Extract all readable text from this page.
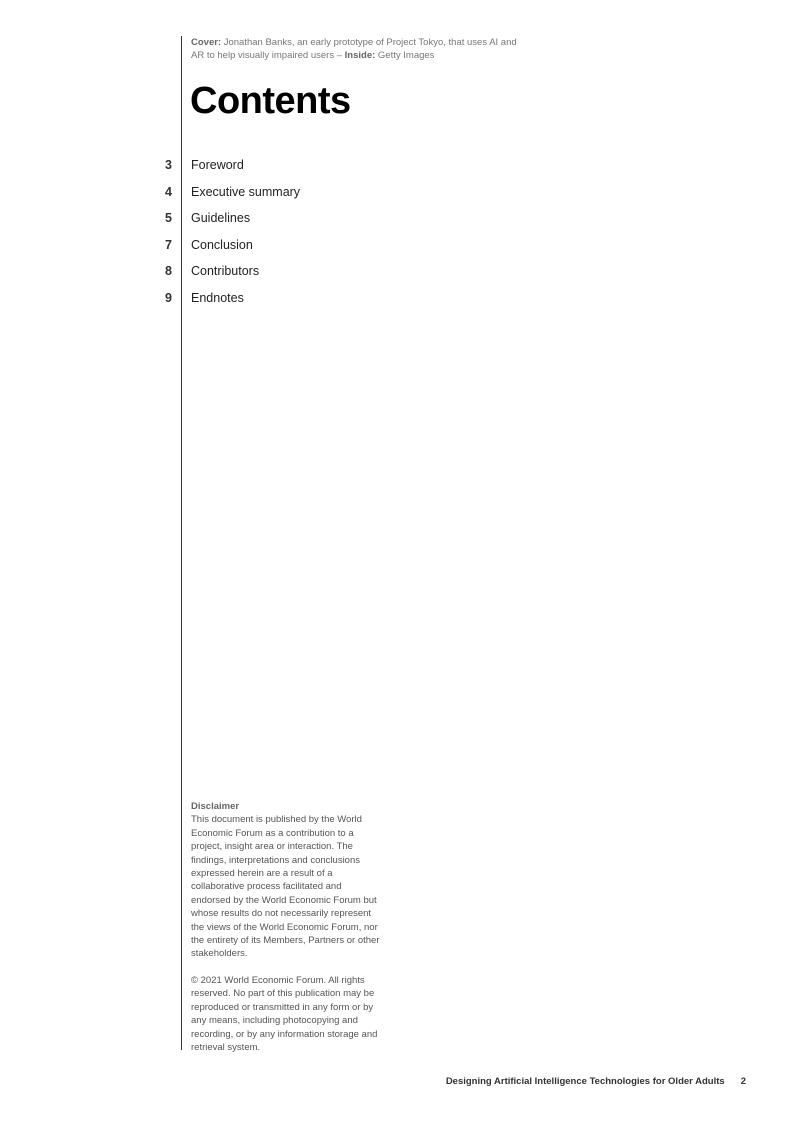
Cover: Jonathan Banks, an early prototype of Project Tokyo, that uses AI and AR to help visually impaired users – Inside: Getty Images
Contents
3 Foreword
4 Executive summary
5 Guidelines
7 Conclusion
8 Contributors
9 Endnotes

Disclaimer

This document is published by the World Economic Forum as a contribution to a project, insight area or interaction. The findings, interpretations and conclusions expressed herein are a result of a collaborative process facilitated and endorsed by the World Economic Forum but whose results do not necessarily represent the views of the World Economic Forum, nor the entirety of its Members, Partners or other stakeholders.

© 2021 World Economic Forum. All rights reserved. No part of this publication may be reproduced or transmitted in any form or by any means, including photocopying and recording, or by any information storage and retrieval system.

Designing Artificial Intelligence Technologies for Older Adults 2
